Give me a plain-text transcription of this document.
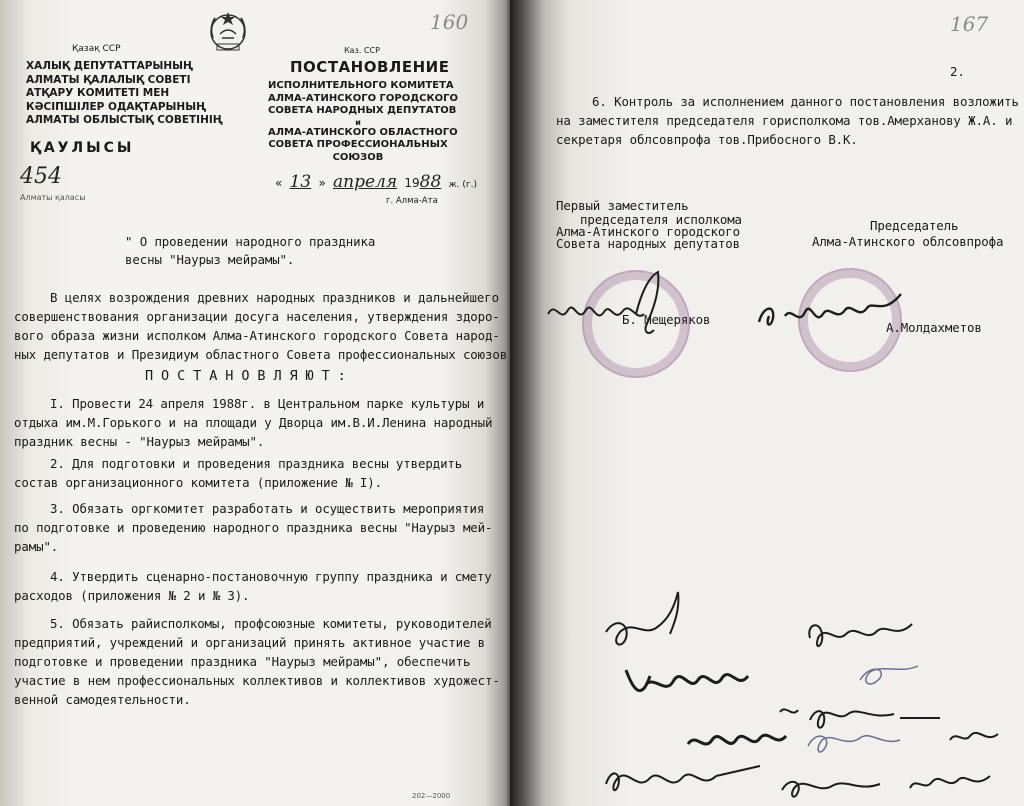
160
Қазақ ССР
ХАЛЫҚ ДЕПУТАТТАРЫНЫҢ
АЛМАТЫ ҚАЛАЛЫҚ СОВЕТІ
АТҚАРУ КОМИТЕТІ МЕН
КӘСІПШІЛЕР ОДАҚТАРЫНЫҢ
АЛМАТЫ ОБЛЫСТЫҚ СОВЕТІНІҢ
ҚАУЛЫСЫ
454
Алматы қаласы
Каз. ССР
ПОСТАНОВЛЕНИЕ
ИСПОЛНИТЕЛЬНОГО КОМИТЕТА
АЛМА-АТИНСКОГО ГОРОДСКОГО
СОВЕТА НАРОДНЫХ ДЕПУТАТОВ
и
АЛМА-АТИНСКОГО ОБЛАСТНОГО
СОВЕТА ПРОФЕССИОНАЛЬНЫХ
СОЮЗОВ
« 13 » апреля 1988 ж. (г.)
г. Алма-Ата
" О проведении народного праздника
весны "Наурыз мейрамы".
В целях возрождения древних народных праздников и дальнейшего
совершенствования организации досуга населения, утверждения здоро-
вого образа жизни исполком Алма-Атинского городского Совета народ-
ных депутатов и Президиум областного Совета профессиональных союзов
П О С Т А Н О В Л Я Ю Т :
I. Провести 24 апреля 1988г. в Центральном парке культуры и
отдыха им.М.Горького и на площади у Дворца им.В.И.Ленина народный
праздник весны - "Наурыз мейрамы".
2. Для подготовки и проведения праздника весны утвердить
состав организационного комитета (приложение № I).
3. Обязать оргкомитет разработать и осуществить мероприятия
по подготовке и проведению народного праздника весны "Наурыз мей-
рамы".
4. Утвердить сценарно-постановочную группу праздника и смету
расходов (приложения № 2 и № 3).
5. Обязать райисполкомы, профсоюзные комитеты, руководителей
предприятий, учреждений и организаций принять активное участие в
подготовке и проведении праздника "Наурыз мейрамы", обеспечить
участие в нем профессиональных коллективов и коллективов художест-
венной самодеятельности.
202—2000
167
2.
6. Контроль за исполнением данного постановления возложить
на заместителя председателя горисполкома тов.Амерханову Ж.А. и
секретаря облсовпрофа тов.Прибосного В.К.
Первый заместитель
председателя исполкома
Алма-Атинского городского
Совета народных депутатов
Председатель
Алма-Атинского облсовпрофа
Б. Мещеряков
А.Молдахметов
